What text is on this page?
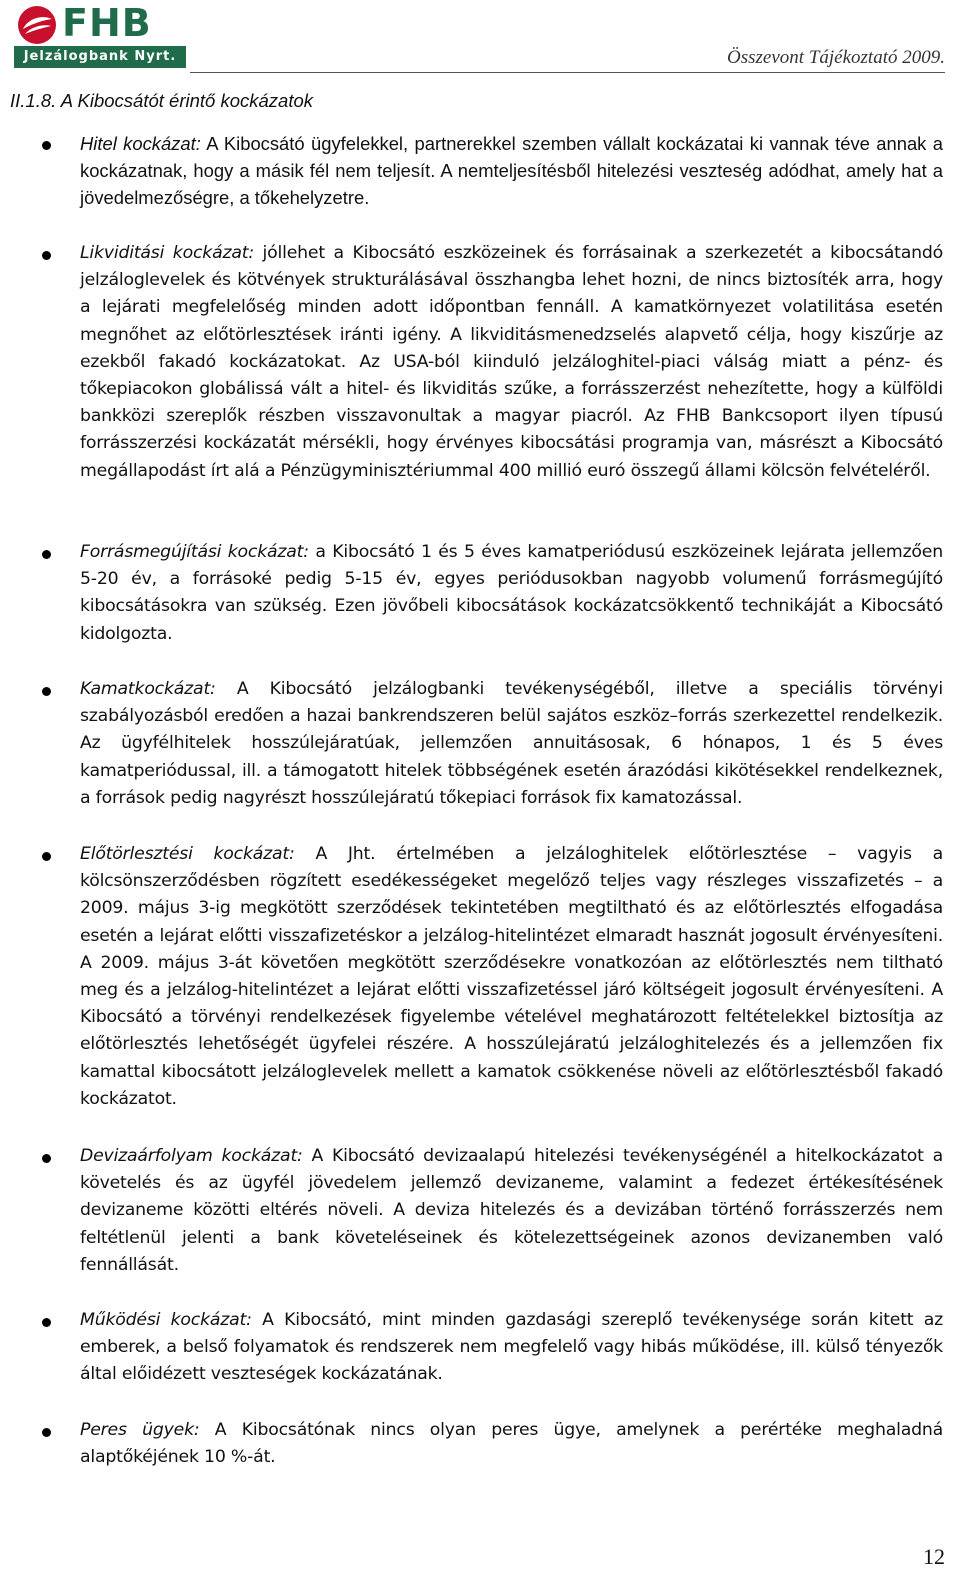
FHB
Jelzálogbank Nyrt.	Összevont Tájékoztató 2009.
II.1.8. A Kibocsátót érintő kockázatok

Hitel kockázat: A Kibocsátó ügyfelekkel, partnerekkel szemben vállalt kockázatai ki vannak téve annak a kockázatnak, hogy a másik fél nem teljesít. A nemteljesítésből hitelezési veszteség adódhat, amely hat a jövedelmezőségre, a tőkehelyzetre.

Likviditási kockázat: jóllehet a Kibocsátó eszközeinek és forrásainak a szerkezetét a kibocsátandó jelzáloglevelek és kötvények strukturálásával összhangba lehet hozni, de nincs biztosíték arra, hogy a lejárati megfelelőség minden adott időpontban fennáll. A kamatkörnyezet volatilitása esetén megnőhet az előtörlesztések iránti igény. A likviditásmenedzselés alapvető célja, hogy kiszűrje az ezekből fakadó kockázatokat. Az USA-ból kiinduló jelzáloghitel-piaci válság miatt a pénz- és tőkepiacokon globálissá vált a hitel- és likviditás szűke, a forrásszerzést nehezítette, hogy a külföldi bankközi szereplők részben visszavonultak a magyar piacról. Az FHB Bankcsoport ilyen típusú forrásszerzési kockázatát mérsékli, hogy érvényes kibocsátási programja van, másrészt a Kibocsátó megállapodást írt alá a Pénzügyminisztériummal 400 millió euró összegű állami kölcsön felvételéről.

Forrásmegújítási kockázat: a Kibocsátó 1 és 5 éves kamatperiódusú eszközeinek lejárata jellemzően 5-20 év, a forrásoké pedig 5-15 év, egyes periódusokban nagyobb volumenű forrásmegújító kibocsátásokra van szükség. Ezen jövőbeli kibocsátások kockázatcsökkentő technikáját a Kibocsátó kidolgozta.

Kamatkockázat: A Kibocsátó jelzálogbanki tevékenységéből, illetve a speciális törvényi szabályozásból eredően a hazai bankrendszeren belül sajátos eszköz–forrás szerkezettel rendelkezik. Az ügyfélhitelek hosszúlejáratúak, jellemzően annuitásosak, 6 hónapos, 1 és 5 éves kamatperiódussal, ill. a támogatott hitelek többségének esetén árazódási kikötésekkel rendelkeznek, a források pedig nagyrészt hosszúlejáratú tőkepiaci források fix kamatozással.

Előtörlesztési kockázat: A Jht. értelmében a jelzáloghitelek előtörlesztése – vagyis a kölcsönszerződésben rögzített esedékességeket megelőző teljes vagy részleges visszafizetés – a 2009. május 3-ig megkötött szerződések tekintetében megtiltható és az előtörlesztés elfogadása esetén a lejárat előtti visszafizetéskor a jelzálog-hitelintézet elmaradt hasznát jogosult érvényesíteni. A 2009. május 3-át követően megkötött szerződésekre vonatkozóan az előtörlesztés nem tiltható meg és a jelzálog-hitelintézet a lejárat előtti visszafizetéssel járó költségeit jogosult érvényesíteni. A Kibocsátó a törvényi rendelkezések figyelembe vételével meghatározott feltételekkel biztosítja az előtörlesztés lehetőségét ügyfelei részére. A hosszúlejáratú jelzáloghitelezés és a jellemzően fix kamattal kibocsátott jelzáloglevelek mellett a kamatok csökkenése növeli az előtörlesztésből fakadó kockázatot.

Devizaárfolyam kockázat: A Kibocsátó devizaalapú hitelezési tevékenységénél a hitelkockázatot a követelés és az ügyfél jövedelem jellemző devizaneme, valamint a fedezet értékesítésének devizaneme közötti eltérés növeli. A deviza hitelezés és a devizában történő forrásszerzés nem feltétlenül jelenti a bank követeléseinek és kötelezettségeinek azonos devizanemben való fennállását.

Működési kockázat: A Kibocsátó, mint minden gazdasági szereplő tevékenysége során kitett az emberek, a belső folyamatok és rendszerek nem megfelelő vagy hibás működése, ill. külső tényezők által előidézett veszteségek kockázatának.

Peres ügyek: A Kibocsátónak nincs olyan peres ügye, amelynek a perértéke meghaladná alaptőkéjének 10 %-át.

12
